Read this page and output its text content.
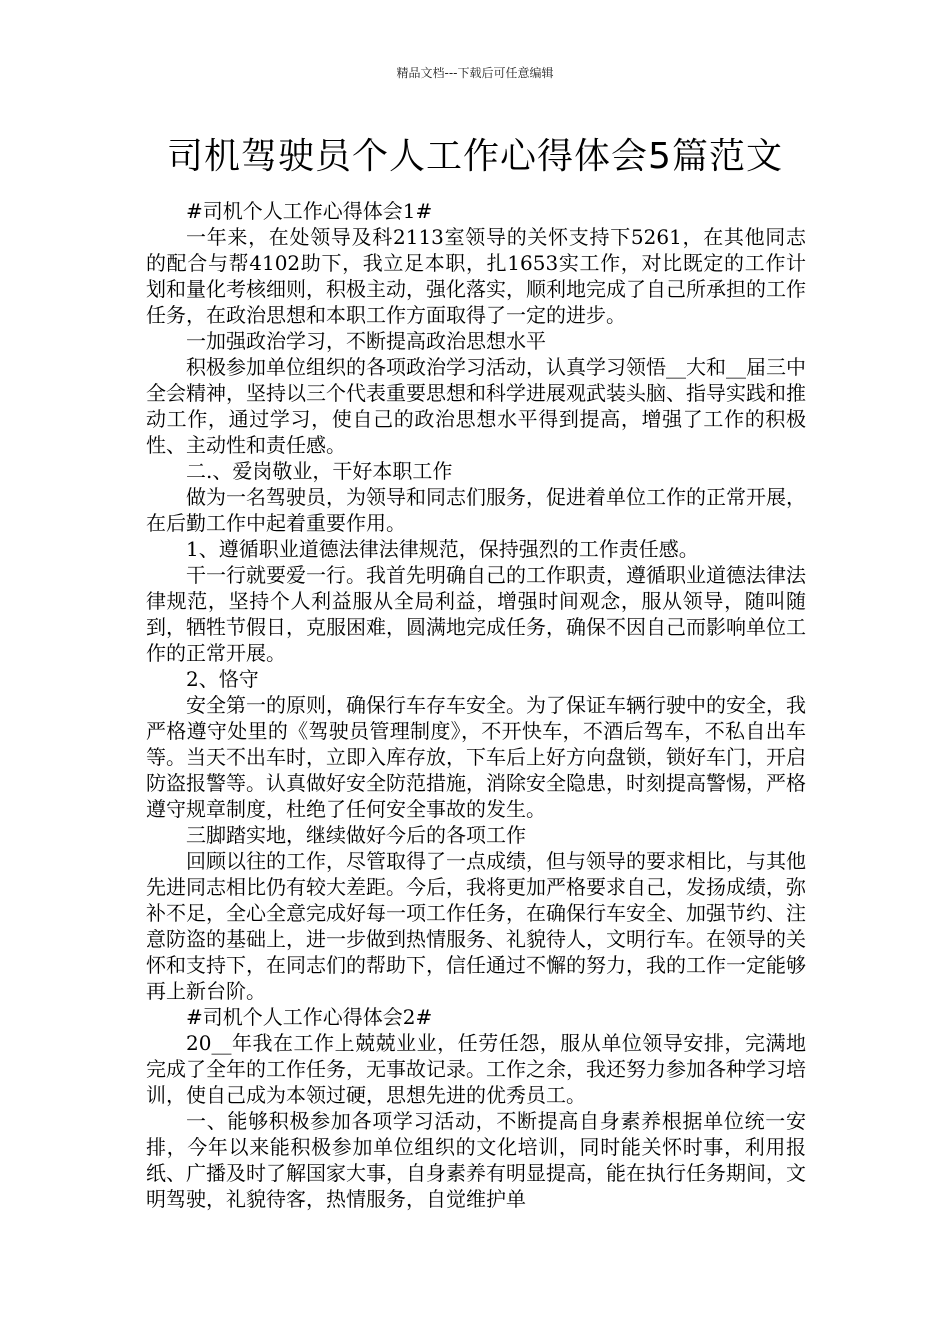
精品文档---下载后可任意编辑
司机驾驶员个人工作心得体会5篇范文

#司机个人工作心得体会1#

一年来，在处领导及科2113室领导的关怀支持下5261，在其他同志的配合与帮4102助下，我立足本职，扎1653实工作，对比既定的工作计划和量化考核细则，积极主动，强化落实，顺利地完成了自己所承担的工作任务，在政治思想和本职工作方面取得了一定的进步。

一加强政治学习，不断提高政治思想水平

积极参加单位组织的各项政治学习活动，认真学习领悟__大和__届三中全会精神，坚持以三个代表重要思想和科学进展观武装头脑、指导实践和推动工作，通过学习，使自己的政治思想水平得到提高，增强了工作的积极性、主动性和责任感。

二.、爱岗敬业，干好本职工作

做为一名驾驶员，为领导和同志们服务，促进着单位工作的正常开展，在后勤工作中起着重要作用。

1、遵循职业道德法律法律规范，保持强烈的工作责任感。

干一行就要爱一行。我首先明确自己的工作职责，遵循职业道德法律法律规范，坚持个人利益服从全局利益，增强时间观念，服从领导，随叫随到，牺牲节假日，克服困难，圆满地完成任务，确保不因自己而影响单位工作的正常开展。

2、恪守

安全第一的原则，确保行车存车安全。为了保证车辆行驶中的安全，我严格遵守处里的《驾驶员管理制度》，不开快车，不酒后驾车，不私自出车等。当天不出车时，立即入库存放，下车后上好方向盘锁，锁好车门，开启防盗报警等。认真做好安全防范措施，消除安全隐患，时刻提高警惕，严格遵守规章制度，杜绝了任何安全事故的发生。

三脚踏实地，继续做好今后的各项工作

回顾以往的工作，尽管取得了一点成绩，但与领导的要求相比，与其他先进同志相比仍有较大差距。今后，我将更加严格要求自己，发扬成绩，弥补不足，全心全意完成好每一项工作任务，在确保行车安全、加强节约、注意防盗的基础上，进一步做到热情服务、礼貌待人，文明行车。在领导的关怀和支持下，在同志们的帮助下，信任通过不懈的努力，我的工作一定能够再上新台阶。

#司机个人工作心得体会2#

20__年我在工作上兢兢业业，任劳任怨，服从单位领导安排，完满地完成了全年的工作任务，无事故记录。工作之余，我还努力参加各种学习培训，使自己成为本领过硬，思想先进的优秀员工。

一、能够积极参加各项学习活动，不断提高自身素养根据单位统一安排，今年以来能积极参加单位组织的文化培训，同时能关怀时事，利用报纸、广播及时了解国家大事，自身素养有明显提高，能在执行任务期间，文明驾驶，礼貌待客，热情服务，自觉维护单
